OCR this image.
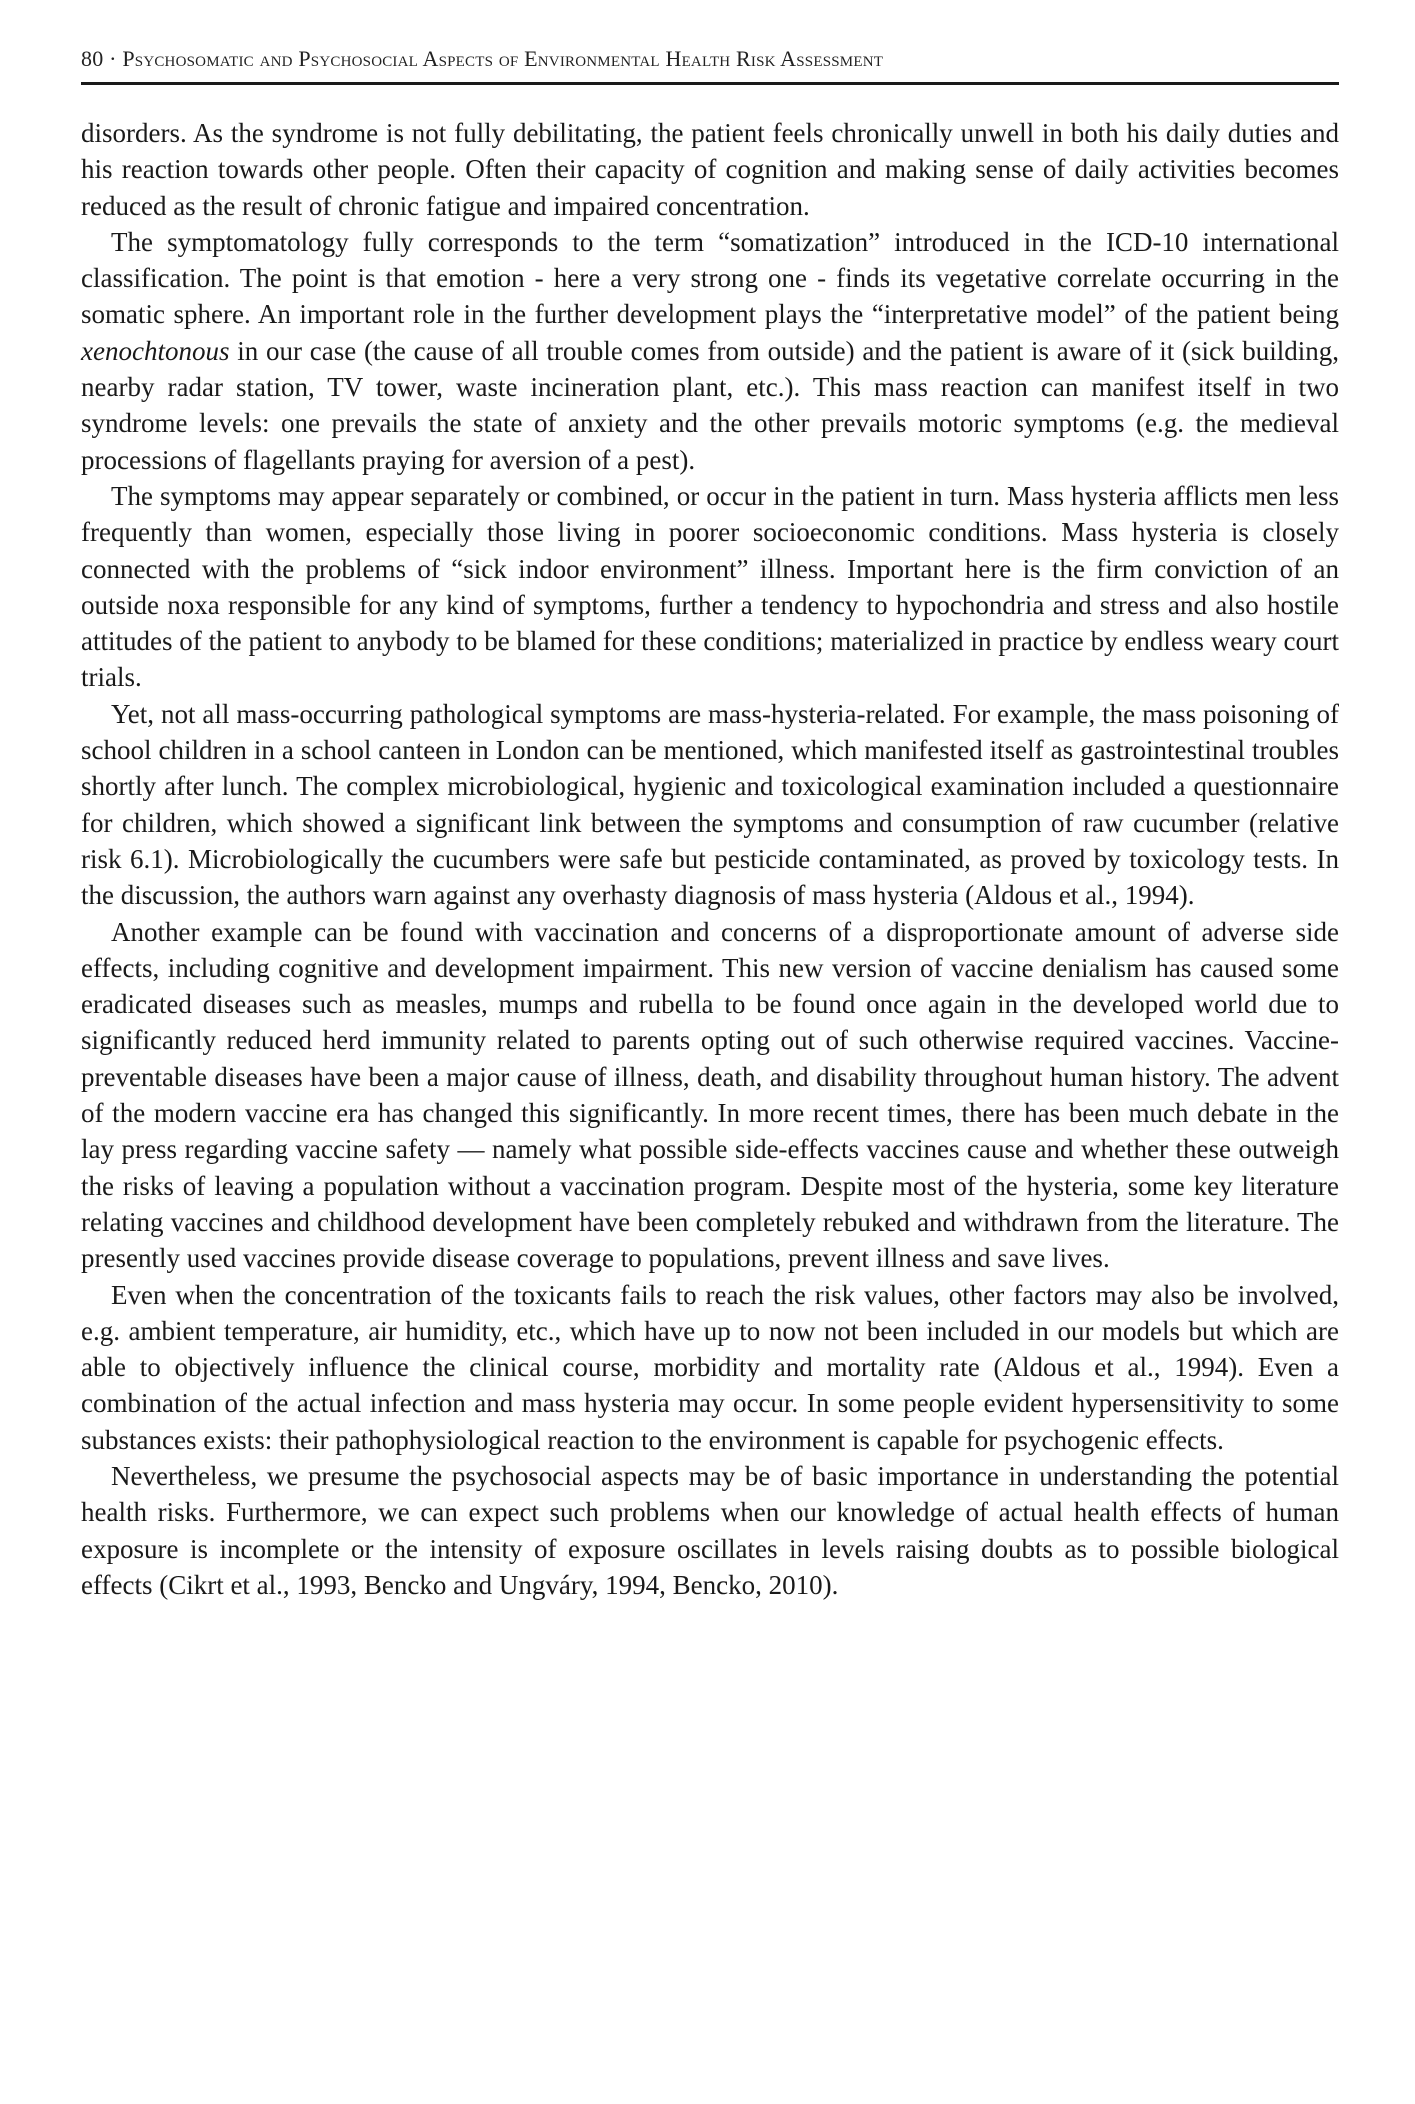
80 · Psychosomatic and Psychosocial Aspects of Environmental Health Risk Assessment

disorders. As the syndrome is not fully debilitating, the patient feels chronically unwell in both his daily duties and his reaction towards other people. Often their capacity of cognition and making sense of daily activities becomes reduced as the result of chronic fatigue and impaired concentration.

The symptomatology fully corresponds to the term “somatization” introduced in the ICD-10 international classification. The point is that emotion - here a very strong one - finds its vegetative correlate occurring in the somatic sphere. An important role in the further development plays the “interpretative model” of the patient being xenochtonous in our case (the cause of all trouble comes from outside) and the patient is aware of it (sick building, nearby radar station, TV tower, waste incineration plant, etc.). This mass reaction can manifest itself in two syndrome levels: one prevails the state of anxiety and the other prevails motoric symptoms (e.g. the medieval processions of flagellants praying for aversion of a pest).

The symptoms may appear separately or combined, or occur in the patient in turn. Mass hysteria afflicts men less frequently than women, especially those living in poorer socioeconomic conditions. Mass hysteria is closely connected with the problems of “sick indoor environment” illness. Important here is the firm conviction of an outside noxa responsible for any kind of symptoms, further a tendency to hypochondria and stress and also hostile attitudes of the patient to anybody to be blamed for these conditions; materialized in practice by endless weary court trials.

Yet, not all mass-occurring pathological symptoms are mass-hysteria-related. For example, the mass poisoning of school children in a school canteen in London can be mentioned, which manifested itself as gastrointestinal troubles shortly after lunch. The complex microbiological, hygienic and toxicological examination included a questionnaire for children, which showed a significant link between the symptoms and consumption of raw cucumber (relative risk 6.1). Microbiologically the cucumbers were safe but pesticide contaminated, as proved by toxicology tests. In the discussion, the authors warn against any overhasty diagnosis of mass hysteria (Aldous et al., 1994).

Another example can be found with vaccination and concerns of a disproportionate amount of adverse side effects, including cognitive and development impairment. This new version of vaccine denialism has caused some eradicated diseases such as measles, mumps and rubella to be found once again in the developed world due to significantly reduced herd immunity related to parents opting out of such otherwise required vaccines. Vaccine-preventable diseases have been a major cause of illness, death, and disability throughout human history. The advent of the modern vaccine era has changed this significantly. In more recent times, there has been much debate in the lay press regarding vaccine safety — namely what possible side-effects vaccines cause and whether these outweigh the risks of leaving a population without a vaccination program. Despite most of the hysteria, some key literature relating vaccines and childhood development have been completely rebuked and withdrawn from the literature. The presently used vaccines provide disease coverage to populations, prevent illness and save lives.

Even when the concentration of the toxicants fails to reach the risk values, other factors may also be involved, e.g. ambient temperature, air humidity, etc., which have up to now not been included in our models but which are able to objectively influence the clinical course, morbidity and mortality rate (Aldous et al., 1994). Even a combination of the actual infection and mass hysteria may occur. In some people evident hypersensitivity to some substances exists: their pathophysiological reaction to the environment is capable for psychogenic effects.

Nevertheless, we presume the psychosocial aspects may be of basic importance in understanding the potential health risks. Furthermore, we can expect such problems when our knowledge of actual health effects of human exposure is incomplete or the intensity of exposure oscillates in levels raising doubts as to possible biological effects (Cikrt et al., 1993, Bencko and Ungváry, 1994, Bencko, 2010).
